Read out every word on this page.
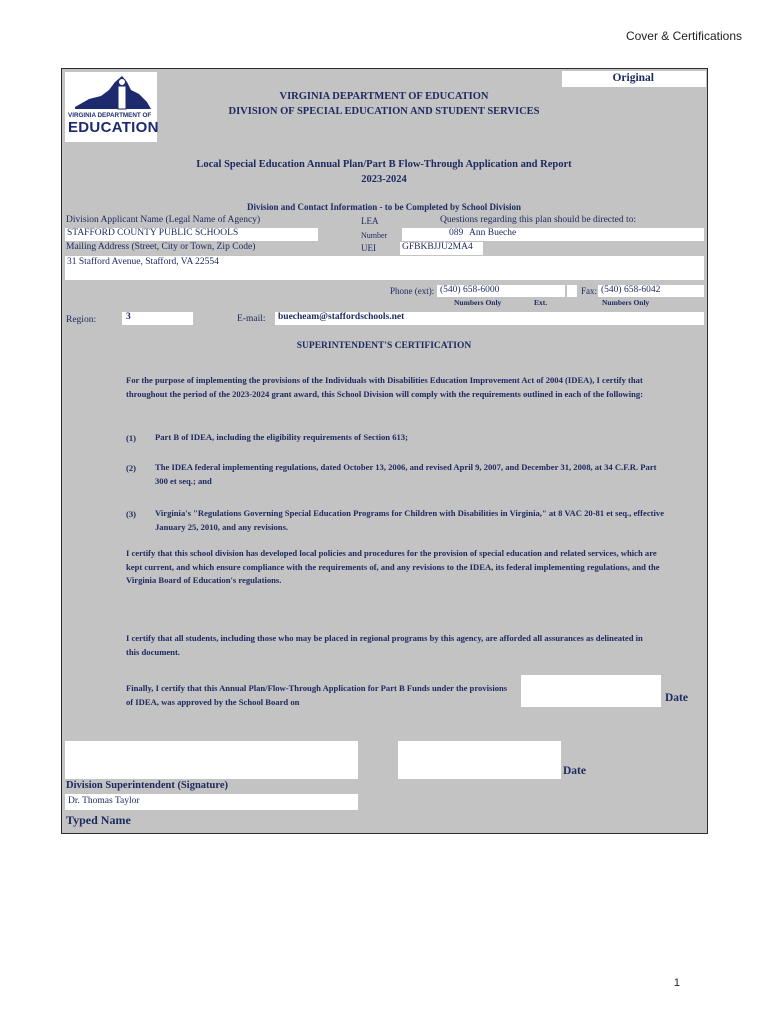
Cover & Certifications
VIRGINIA DEPARTMENT OF
EDUCATION
Original
VIRGINIA DEPARTMENT OF EDUCATION
DIVISION OF SPECIAL EDUCATION AND STUDENT SERVICES
Local Special Education Annual Plan/Part B Flow-Through Application and Report
2023-2024
Division and Contact Information - to be Completed by School Division
Division Applicant Name (Legal Name of Agency)	LEA	Questions regarding this plan should be directed to:
STAFFORD COUNTY PUBLIC SCHOOLS	Number	089 Ann Bueche
Mailing Address (Street, City or Town, Zip Code)	UEI	GFBKBJJU2MA4
31 Stafford Avenue, Stafford, VA 22554
Phone (ext): (540) 658-6000	Fax: (540) 658-6042
Numbers Only	Ext.	Numbers Only
Region:	3	E-mail: buecheam@staffordschools.net
SUPERINTENDENT'S CERTIFICATION
For the purpose of implementing the provisions of the Individuals with Disabilities Education Improvement Act of 2004 (IDEA), I certify that throughout the period of the 2023-2024 grant award, this School Division will comply with the requirements outlined in each of the following:
(1) Part B of IDEA, including the eligibility requirements of Section 613;
(2) The IDEA federal implementing regulations, dated October 13, 2006, and revised April 9, 2007, and December 31, 2008, at 34 C.F.R. Part 300 et seq.; and
(3) Virginia's "Regulations Governing Special Education Programs for Children with Disabilities in Virginia," at 8 VAC 20-81 et seq., effective January 25, 2010, and any revisions.
I certify that this school division has developed local policies and procedures for the provision of special education and related services, which are kept current, and which ensure compliance with the requirements of, and any revisions to the IDEA, its federal implementing regulations, and the Virginia Board of Education's regulations.
I certify that all students, including those who may be placed in regional programs by this agency, are afforded all assurances as delineated in this document.
Finally, I certify that this Annual Plan/Flow-Through Application for Part B Funds under the provisions of IDEA, was approved by the School Board on	Date
Date
Division Superintendent (Signature)
Dr. Thomas Taylor
Typed Name
1
